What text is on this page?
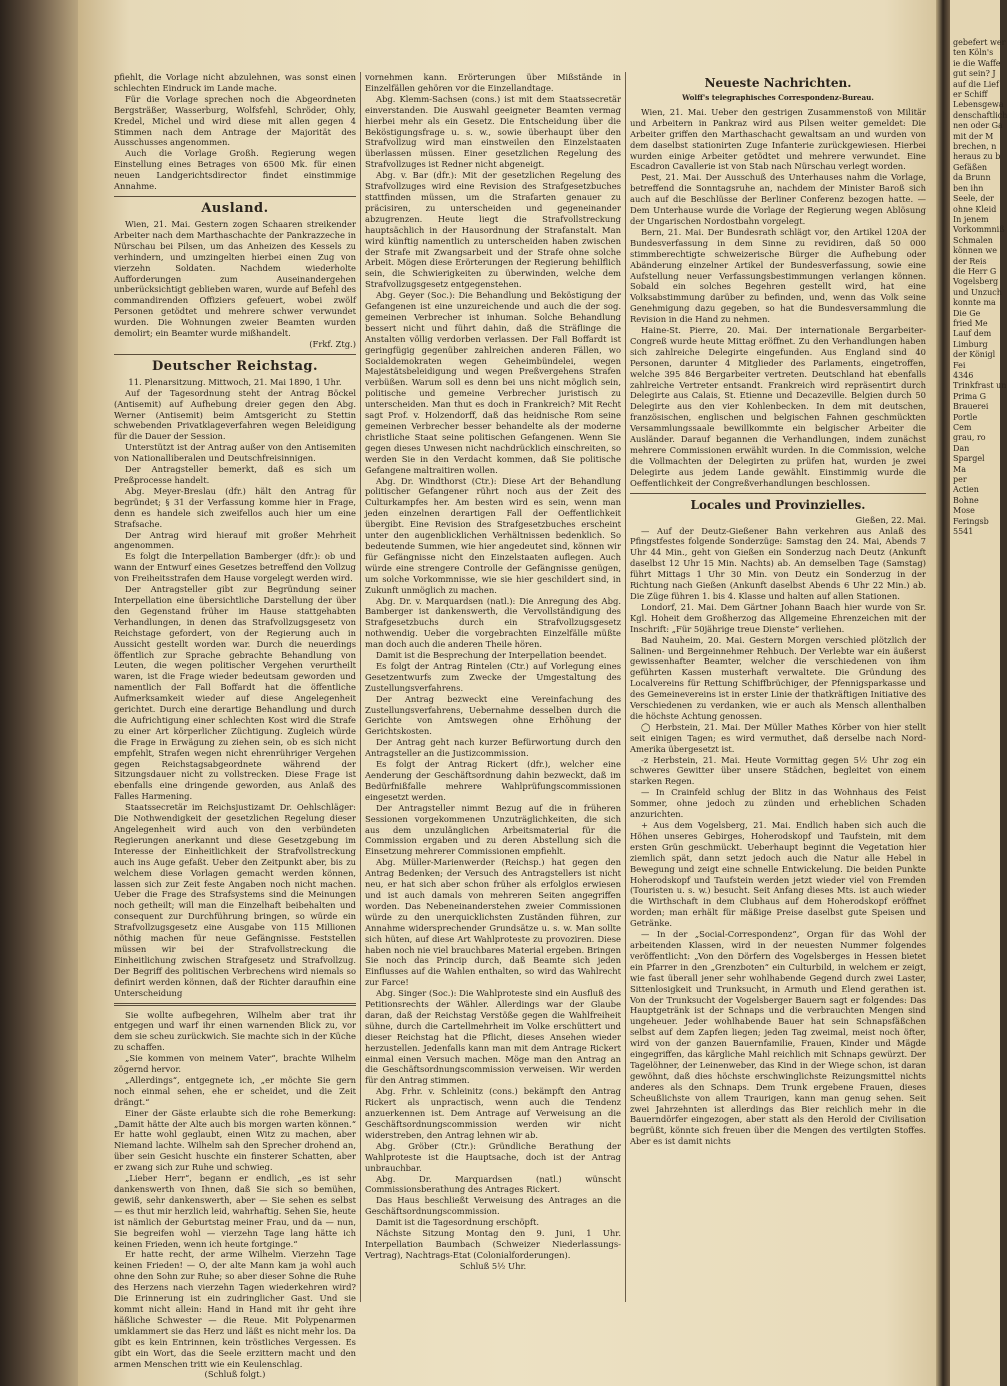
pfiehlt, die Vorlage nicht abzulehnen, was sonst einen schlechten Eindruck im Lande mache.

Für die Vorlage sprechen noch die Abgeordneten Bergsträßer, Wasserburg, Wolfsfehl, Schröder, Ohly, Kredel, Michel und wird diese mit allen gegen 4 Stimmen nach dem Antrage der Majorität des Ausschusses angenommen.

Auch die Vorlage Großh. Regierung wegen Einstellung eines Betrages von 6500 Mk. für einen neuen Landgerichtsdirector findet einstimmige Annahme.

Ausland.

Wien, 21. Mai. Gestern zogen Schaaren streikender Arbeiter nach dem Marthaschachte der Pankrazzeche in Nürschau bei Pilsen, um das Anheizen des Kessels zu verhindern, und umzingelten hierbei einen Zug von vierzehn Soldaten. Nachdem wiederholte Aufforderungen zum Auseinandergehen unberücksichtigt geblieben waren, wurde auf Befehl des commandirenden Offiziers gefeuert, wobei zwölf Personen getödtet und mehrere schwer verwundet wurden. Die Wohnungen zweier Beamten wurden demolirt; ein Beamter wurde mißhandelt.

(Frkf. Ztg.)

Deutscher Reichstag.

11. Plenarsitzung. Mittwoch, 21. Mai 1890, 1 Uhr.

Auf der Tagesordnung steht der Antrag Böckel (Antisemit) auf Aufhebung dreier gegen den Abg. Werner (Antisemit) beim Amtsgericht zu Stettin schwebenden Privatklageverfahren wegen Beleidigung für die Dauer der Session.

Unterstützt ist der Antrag außer von den Antisemiten von Nationalliberalen und Deutschfreisinnigen.

Der Antragsteller bemerkt, daß es sich um Preßprocesse handelt.

Abg. Meyer-Breslau (dfr.) hält den Antrag für begründet; § 31 der Verfassung komme hier in Frage, denn es handele sich zweifellos auch hier um eine Strafsache.

Der Antrag wird hierauf mit großer Mehrheit angenommen.

Es folgt die Interpellation Bamberger (dfr.): ob und wann der Entwurf eines Gesetzes betreffend den Vollzug von Freiheitsstrafen dem Hause vorgelegt werden wird.

Der Antragsteller gibt zur Begründung seiner Interpellation eine übersichtliche Darstellung der über den Gegenstand früher im Hause stattgehabten Verhandlungen, in denen das Strafvollzugsgesetz von Reichstage gefordert, von der Regierung auch in Aussicht gestellt worden war. Durch die neuerdings öffentlich zur Sprache gebrachte Behandlung von Leuten, die wegen politischer Vergehen verurtheilt waren, ist die Frage wieder bedeutsam geworden und namentlich der Fall Boffardt hat die öffentliche Aufmerksamkeit wieder auf diese Angelegenheit gerichtet. Durch eine derartige Behandlung und durch die Aufrichtigung einer schlechten Kost wird die Strafe zu einer Art körperlicher Züchtigung. Zugleich würde die Frage in Erwägung zu ziehen sein, ob es sich nicht empfehlt, Strafen wegen nicht ehrenrühriger Vergehen gegen Reichstagsabgeordnete während der Sitzungsdauer nicht zu vollstrecken. Diese Frage ist ebenfalls eine dringende geworden, aus Anlaß des Falles Harmening.

Staatssecretär im Reichsjustizamt Dr. Oehlschläger: Die Nothwendigkeit der gesetzlichen Regelung dieser Angelegenheit wird auch von den verbündeten Regierungen anerkannt und diese Gesetzgebung im Interesse der Einheitlichkeit der Strafvollstreckung auch ins Auge gefaßt. Ueber den Zeitpunkt aber, bis zu welchem diese Vorlagen gemacht werden können, lassen sich zur Zeit feste Angaben noch nicht machen. Ueber die Frage des Strafsystems sind die Meinungen noch getheilt; will man die Einzelhaft beibehalten und consequent zur Durchführung bringen, so würde ein Strafvollzugsgesetz eine Ausgabe von 115 Millionen nöthig machen für neue Gefängnisse. Feststellen müssen wir bei der Strafvollstreckung die Einheitlichung zwischen Strafgesetz und Strafvollzug. Der Begriff des politischen Verbrechens wird niemals so definirt werden können, daß der Richter daraufhin eine Unterscheidung

Sie wollte aufbegehren, Wilhelm aber trat ihr entgegen und warf ihr einen warnenden Blick zu, vor dem sie scheu zurückwich. Sie machte sich in der Küche zu schaffen.

„Sie kommen von meinem Vater“, brachte Wilhelm zögernd hervor.

„Allerdings“, entgegnete ich, „er möchte Sie gern noch einmal sehen, ehe er scheidet, und die Zeit drängt.“

Einer der Gäste erlaubte sich die rohe Bemerkung: „Damit hätte der Alte auch bis morgen warten können.“ Er hatte wohl geglaubt, einen Witz zu machen, aber Niemand lachte. Wilhelm sah den Sprecher drohend an, über sein Gesicht huschte ein finsterer Schatten, aber er zwang sich zur Ruhe und schwieg.

„Lieber Herr“, begann er endlich, „es ist sehr dankenswerth von Ihnen, daß Sie sich so bemühen, gewiß, sehr dankenswerth, aber — Sie sehen es selbst — es thut mir herzlich leid, wahrhaftig. Sehen Sie, heute ist nämlich der Geburtstag meiner Frau, und da — nun, Sie begreifen wohl — vierzehn Tage lang hätte ich keinen Frieden, wenn ich heute fortginge.“

Er hatte recht, der arme Wilhelm. Vierzehn Tage keinen Frieden! — O, der alte Mann kam ja wohl auch ohne den Sohn zur Ruhe; so aber dieser Sohne die Ruhe des Herzens nach vierzehn Tagen wiederkehren wird? Die Erinnerung ist ein zudringlicher Gast. Und sie kommt nicht allein: Hand in Hand mit ihr geht ihre häßliche Schwester — die Reue. Mit Polypenarmen umklammert sie das Herz und läßt es nicht mehr los. Da gibt es kein Entrinnen, kein tröstliches Vergessen. Es gibt ein Wort, das die Seele erzittern macht und den armen Menschen tritt wie ein Keulenschlag.

(Schluß folgt.)

vornehmen kann. Erörterungen über Mißstände in Einzelfällen gehören vor die Einzellandtage.

Abg. Klemm-Sachsen (cons.) ist mit dem Staatssecretär einverstanden. Die Auswahl geeigneter Beamten vermag hierbei mehr als ein Gesetz. Die Entscheidung über die Beköstigungsfrage u. s. w., sowie überhaupt über den Strafvollzug wird man einstweilen den Einzelstaaten überlassen müssen. Einer gesetzlichen Regelung des Strafvollzuges ist Redner nicht abgeneigt.

Abg. v. Bar (dfr.): Mit der gesetzlichen Regelung des Strafvollzuges wird eine Revision des Strafgesetzbuches stattfinden müssen, um die Strafarten genauer zu präcisiren, zu unterscheiden und gegeneinander abzugrenzen. Heute liegt die Strafvollstreckung hauptsächlich in der Hausordnung der Strafanstalt. Man wird künftig namentlich zu unterscheiden haben zwischen der Strafe mit Zwangsarbeit und der Strafe ohne solche Arbeit. Mögen diese Erörterungen der Regierung behilflich sein, die Schwierigkeiten zu überwinden, welche dem Strafvollzugsgesetz entgegenstehen.

Abg. Geyer (Soc.): Die Behandlung und Beköstigung der Gefangenen ist eine unzureichende und auch die der sog. gemeinen Verbrecher ist inhuman. Solche Behandlung bessert nicht und führt dahin, daß die Sträflinge die Anstalten völlig verdorben verlassen. Der Fall Boffardt ist geringfügig gegenüber zahlreichen anderen Fällen, wo Socialdemokraten wegen Geheimbündelei, wegen Majestätsbeleidigung und wegen Preßvergehens Strafen verbüßen. Warum soll es denn bei uns nicht möglich sein, politische und gemeine Verbrecher juristisch zu unterscheiden. Man thut es doch in Frankreich? Mit Recht sagt Prof. v. Holzendorff, daß das heidnische Rom seine gemeinen Verbrecher besser behandelte als der moderne christliche Staat seine politischen Gefangenen. Wenn Sie gegen dieses Unwesen nicht nachdrücklich einschreiten, so werden Sie in den Verdacht kommen, daß Sie politische Gefangene maltraitiren wollen.

Abg. Dr. Windthorst (Ctr.): Diese Art der Behandlung politischer Gefangener rührt noch aus der Zeit des Culturkampfes her. Am besten wird es sein, wenn man jeden einzelnen derartigen Fall der Oeffentlichkeit übergibt. Eine Revision des Strafgesetzbuches erscheint unter den augenblicklichen Verhältnissen bedenklich. So bedeutende Summen, wie hier angedeutet sind, können wir für Gefängnisse nicht den Einzelstaaten auflegen. Auch würde eine strengere Controlle der Gefängnisse genügen, um solche Vorkommnisse, wie sie hier geschildert sind, in Zukunft unmöglich zu machen.

Abg. Dr. v. Marquardsen (natl.): Die Anregung des Abg. Bamberger ist dankenswerth, die Vervollständigung des Strafgesetzbuchs durch ein Strafvollzugsgesetz nothwendig. Ueber die vorgebrachten Einzelfälle müßte man doch auch die anderen Theile hören.

Damit ist die Besprechung der Interpellation beendet.

Es folgt der Antrag Rintelen (Ctr.) auf Vorlegung eines Gesetzentwurfs zum Zwecke der Umgestaltung des Zustellungsverfahrens.

Der Antrag bezweckt eine Vereinfachung des Zustellungsverfahrens, Uebernahme desselben durch die Gerichte von Amtswegen ohne Erhöhung der Gerichtskosten.

Der Antrag geht nach kurzer Befürwortung durch den Antragsteller an die Justizcommission.

Es folgt der Antrag Rickert (dfr.), welcher eine Aenderung der Geschäftsordnung dahin bezweckt, daß im Bedürfnißfalle mehrere Wahlprüfungscommissionen eingesetzt werden.

Der Antragsteller nimmt Bezug auf die in früheren Sessionen vorgekommenen Unzuträglichkeiten, die sich aus dem unzulänglichen Arbeitsmaterial für die Commission ergaben und zu deren Abstellung sich die Einsetzung mehrerer Commissionen empfiehlt.

Abg. Müller-Marienwerder (Reichsp.) hat gegen den Antrag Bedenken; der Versuch des Antragstellers ist nicht neu, er hat sich aber schon früher als erfolglos erwiesen und ist auch damals von mehreren Seiten angegriffen worden. Das Nebeneinanderstehen zweier Commissionen würde zu den unerquicklichsten Zuständen führen, zur Annahme widersprechender Grundsätze u. s. w. Man sollte sich hüten, auf diese Art Wahlproteste zu provoziren. Diese haben noch nie viel brauchbares Material ergeben. Bringen Sie noch das Princip durch, daß Beamte sich jeden Einflusses auf die Wahlen enthalten, so wird das Wahlrecht zur Farce!

Abg. Singer (Soc.): Die Wahlproteste sind ein Ausfluß des Petitionsrechts der Wähler. Allerdings war der Glaube daran, daß der Reichstag Verstöße gegen die Wahlfreiheit sühne, durch die Cartellmehrheit im Volke erschüttert und dieser Reichstag hat die Pflicht, dieses Ansehen wieder herzustellen. Jedenfalls kann man mit dem Antrage Rickert einmal einen Versuch machen. Möge man den Antrag an die Geschäftsordnungscommission verweisen. Wir werden für den Antrag stimmen.

Abg. Frhr. v. Schleinitz (cons.) bekämpft den Antrag Rickert als unpractisch, wenn auch die Tendenz anzuerkennen ist. Dem Antrage auf Verweisung an die Geschäftsordnungscommission werden wir nicht widerstreben, den Antrag lehnen wir ab.

Abg. Gröber (Ctr.): Gründliche Berathung der Wahlproteste ist die Hauptsache, doch ist der Antrag unbrauchbar.

Abg. Dr. Marquardsen (natl.) wünscht Commissionsberathung des Antrages Rickert.

Das Haus beschließt Verweisung des Antrages an die Geschäftsordnungscommission.

Damit ist die Tagesordnung erschöpft.

Nächste Sitzung Montag den 9. Juni, 1 Uhr. Interpellation Baumbach (Schweizer Niederlassungs-Vertrag), Nachtrags-Etat (Colonialforderungen).

Schluß 5½ Uhr.

Neueste Nachrichten.
Wolff's telegraphisches Correspondenz-Bureau.

Wien, 21. Mai. Ueber den gestrigen Zusammenstoß von Militär und Arbeitern in Pankraz wird aus Pilsen weiter gemeldet: Die Arbeiter griffen den Marthaschacht gewaltsam an und wurden von dem daselbst stationirten Zuge Infanterie zurückgewiesen. Hierbei wurden einige Arbeiter getödtet und mehrere verwundet. Eine Escadron Cavallerie ist von Stab nach Nürschau verlegt worden.

Pest, 21. Mai. Der Ausschuß des Unterhauses nahm die Vorlage, betreffend die Sonntagsruhe an, nachdem der Minister Baroß sich auch auf die Beschlüsse der Berliner Conferenz bezogen hatte. — Dem Unterhause wurde die Vorlage der Regierung wegen Ablösung der Ungarischen Nordostbahn vorgelegt.

Bern, 21. Mai. Der Bundesrath schlägt vor, den Artikel 120A der Bundesverfassung in dem Sinne zu revidiren, daß 50 000 stimmberechtigte schweizerische Bürger die Aufhebung oder Abänderung einzelner Artikel der Bundesverfassung, sowie eine Aufstellung neuer Verfassungsbestimmungen verlangen können. Sobald ein solches Begehren gestellt wird, hat eine Volksabstimmung darüber zu befinden, und, wenn das Volk seine Genehmigung dazu gegeben, so hat die Bundesversammlung die Revision in die Hand zu nehmen.

Haine-St. Pierre, 20. Mai. Der internationale Bergarbeiter-Congreß wurde heute Mittag eröffnet. Zu den Verhandlungen haben sich zahlreiche Delegirte eingefunden. Aus England sind 40 Personen, darunter 4 Mitglieder des Parlaments, eingetroffen, welche 395 846 Bergarbeiter vertreten. Deutschland hat ebenfalls zahlreiche Vertreter entsandt. Frankreich wird repräsentirt durch Delegirte aus Calais, St. Etienne und Decazeville. Belgien durch 50 Delegirte aus den vier Kohlenbecken. In dem mit deutschen, französischen, englischen und belgischen Fahnen geschmückten Versammlungssaale bewillkommte ein belgischer Arbeiter die Ausländer. Darauf begannen die Verhandlungen, indem zunächst mehrere Commissionen erwählt wurden. In die Commission, welche die Vollmachten der Delegirten zu prüfen hat, wurden je zwei Delegirte aus jedem Lande gewählt. Einstimmig wurde die Oeffentlichkeit der Congreßverhandlungen beschlossen.

Locales und Provinzielles.

Gießen, 22. Mai.

— Auf der Deutz-Gießener Bahn verkehren aus Anlaß des Pfingstfestes folgende Sonderzüge: Samstag den 24. Mai, Abends 7 Uhr 44 Min., geht von Gießen ein Sonderzug nach Deutz (Ankunft daselbst 12 Uhr 15 Min. Nachts) ab. An demselben Tage (Samstag) führt Mittags 1 Uhr 30 Min. von Deutz ein Sonderzug in der Richtung nach Gießen (Ankunft daselbst Abends 6 Uhr 22 Min.) ab. Die Züge führen 1. bis 4. Klasse und halten auf allen Stationen.

Londorf, 21. Mai. Dem Gärtner Johann Baach hier wurde von Sr. Kgl. Hoheit dem Großherzog das Allgemeine Ehrenzeichen mit der Inschrift: „Für 50jährige treue Dienste“ verliehen.

Bad Nauheim, 20. Mai. Gestern Morgen verschied plötzlich der Salinen- und Bergeinnehmer Rehbuch. Der Verlebte war ein äußerst gewissenhafter Beamter, welcher die verschiedenen von ihm geführten Kassen musterhaft verwaltete. Die Gründung des Localvereins für Rettung Schiffbrüchiger, der Pfennigsparkasse und des Gemeinevereins ist in erster Linie der thatkräftigen Initiative des Verschiedenen zu verdanken, wie er auch als Mensch allenthalben die höchste Achtung genossen.

◯ Herbstein, 21. Mai. Der Müller Mathes Körber von hier stellt seit einigen Tagen; es wird vermuthet, daß derselbe nach Nord-Amerika übergesetzt ist.

-z Herbstein, 21. Mai. Heute Vormittag gegen 5½ Uhr zog ein schweres Gewitter über unsere Städchen, begleitet von einem starken Regen.

— In Crainfeld schlug der Blitz in das Wohnhaus des Feist Sommer, ohne jedoch zu zünden und erheblichen Schaden anzurichten.

+ Aus dem Vogelsberg, 21. Mai. Endlich haben sich auch die Höhen unseres Gebirges, Hoherodskopf und Taufstein, mit dem ersten Grün geschmückt. Ueberhaupt beginnt die Vegetation hier ziemlich spät, dann setzt jedoch auch die Natur alle Hebel in Bewegung und zeigt eine schnelle Entwickelung. Die beiden Punkte Hoherodskopf und Taufstein werden jetzt wieder viel von Fremden (Touristen u. s. w.) besucht. Seit Anfang dieses Mts. ist auch wieder die Wirthschaft in dem Clubhaus auf dem Hoherodskopf eröffnet worden; man erhält für mäßige Preise daselbst gute Speisen und Getränke.

— In der „Social-Correspondenz“, Organ für das Wohl der arbeitenden Klassen, wird in der neuesten Nummer folgendes veröffentlicht: „Von den Dörfern des Vogelsberges in Hessen bietet ein Pfarrer in den „Grenzboten“ ein Culturbild, in welchem er zeigt, wie fast überall jener sehr wohlhabende Gegend durch zwei Laster, Sittenlosigkeit und Trunksucht, in Armuth und Elend gerathen ist. Von der Trunksucht der Vogelsberger Bauern sagt er folgendes: Das Hauptgetränk ist der Schnaps und die verbrauchten Mengen sind ungeheuer. Jeder wohlhabende Bauer hat sein Schnapsfäßchen selbst auf dem Zapfen liegen; jeden Tag zweimal, meist noch öfter, wird von der ganzen Bauernfamilie, Frauen, Kinder und Mägde eingegriffen, das kärgliche Mahl reichlich mit Schnaps gewürzt. Der Tagelöhner, der Leinenweber, das Kind in der Wiege schon, ist daran gewöhnt, daß dies höchste erschwinglichste Reizungsmittel nichts anderes als den Schnaps. Dem Trunk ergebene Frauen, dieses Scheußlichste von allem Traurigen, kann man genug sehen. Seit zwei Jahrzehnten ist allerdings das Bier reichlich mehr in die Bauerndörfer eingezogen, aber statt als den Herold der Civilisation begrüßt, könnte sich freuen über die Mengen des vertilgten Stoffes. Aber es ist damit nichts

gebefert wer
ten Köln's
ie die Waffe
gut sein? J
auf die Lief
er Schiff
Lebensgewa
denschaftlich
nen oder Ga
mit der M
brechen, n
heraus zu b
Gefäßen
da Brunn
ben ihn
Seele, der
ohne Kleid
In jenem
Vorkommniß
Schmalen
können we
der Reis
die Herr G
Vogelsberg
und Unzuch
konnte ma
Die Ge
fried Me
Lauf dem
Limburg
der Königl
Fei
4346
Trinkfrast un
Prima G
Brauerei
Portle
Cem
grau, ro
Dan
Spargel
Ma
per
Actien
Bohne
Mose
Feringsb
5541
